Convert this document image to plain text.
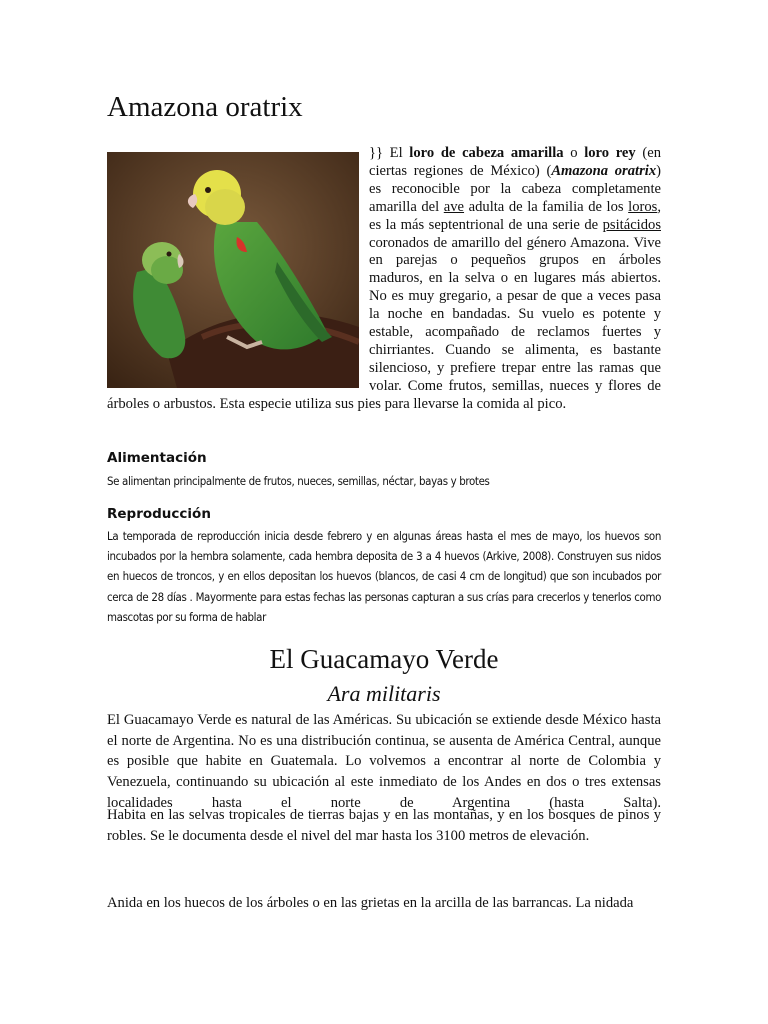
Amazona oratrix

}} El loro de cabeza amarilla o loro rey (en ciertas regiones de México) (Amazona oratrix) es reconocible por la cabeza completamente amarilla del ave adulta de la familia de los loros, es la más septentrional de una serie de psitácidos coronados de amarillo del género Amazona. Vive en parejas o pequeños grupos en árboles maduros, en la selva o en lugares más abiertos. No es muy gregario, a pesar de que a veces pasa la noche en bandadas. Su vuelo es potente y estable, acompañado de reclamos fuertes y chirriantes. Cuando se alimenta, es bastante silencioso, y prefiere trepar entre las ramas que volar. Come frutos, semillas, nueces y flores de árboles o arbustos. Esta especie utiliza sus pies para llevarse la comida al pico.

Alimentación

Se alimentan principalmente de frutos, nueces, semillas, néctar, bayas y brotes

Reproducción

La temporada de reproducción inicia desde febrero y en algunas áreas hasta el mes de mayo, los huevos son incubados por la hembra solamente, cada hembra deposita de 3 a 4 huevos (Arkive, 2008). Construyen sus nidos en huecos de troncos, y en ellos depositan los huevos (blancos, de casi 4 cm de longitud) que son incubados por cerca de 28 días . Mayormente para estas fechas las personas capturan a sus crías para crecerlos y tenerlos como mascotas por su forma de hablar

El Guacamayo Verde

Ara militaris

El Guacamayo Verde es natural de las Américas. Su ubicación se extiende desde México hasta el norte de Argentina. No es una distribución continua, se ausenta de América Central, aunque es posible que habite en Guatemala. Lo volvemos a encontrar al norte de Colombia y Venezuela, continuando su ubicación al este inmediato de los Andes en dos o tres extensas localidades hasta el norte de Argentina (hasta Salta).

Habita en las selvas tropicales de tierras bajas y en las montañas, y en los bosques de pinos y robles. Se le documenta desde el nivel del mar hasta los 3100 metros de elevación.

Anida en los huecos de los árboles o en las grietas en la arcilla de las barrancas. La nidada
